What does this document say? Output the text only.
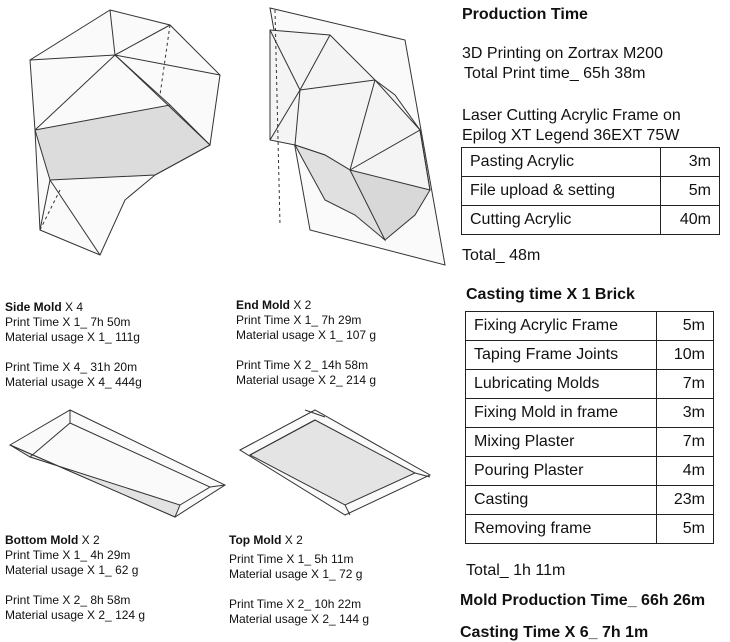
Side Mold X 4
Print Time X 1_ 7h 50m
Material usage X 1_ 111g
Print Time X 4_ 31h 20m
Material usage X 4_ 444g
End Mold X 2
Print Time X 1_ 7h 29m
Material usage X 1_ 107 g
Print Time X 2_ 14h 58m
Material usage X 2_ 214 g
Bottom Mold X 2
Print Time X 1_ 4h 29m
Material usage X 1_ 62 g
Print Time X 2_ 8h 58m
Material usage X 2_ 124 g
Top Mold X 2
Print Time X 1_ 5h 11m
Material usage X 1_ 72 g
Print Time X 2_ 10h 22m
Material usage X 2_ 144 g
Production Time
3D Printing on Zortrax M200
Total Print time_ 65h 38m
Laser Cutting Acrylic Frame on
Epilog XT Legend 36EXT 75W
Pasting Acrylic	3m
File upload & setting	5m
Cutting Acrylic	40m
Total_ 48m
Casting time X 1 Brick
Fixing Acrylic Frame	5m
Taping Frame Joints	10m
Lubricating Molds	7m
Fixing Mold in frame	3m
Mixing Plaster	7m
Pouring Plaster	4m
Casting	23m
Removing frame	5m
Total_ 1h 11m
Mold Production Time_ 66h 26m
Casting Time X 6_ 7h 1m
